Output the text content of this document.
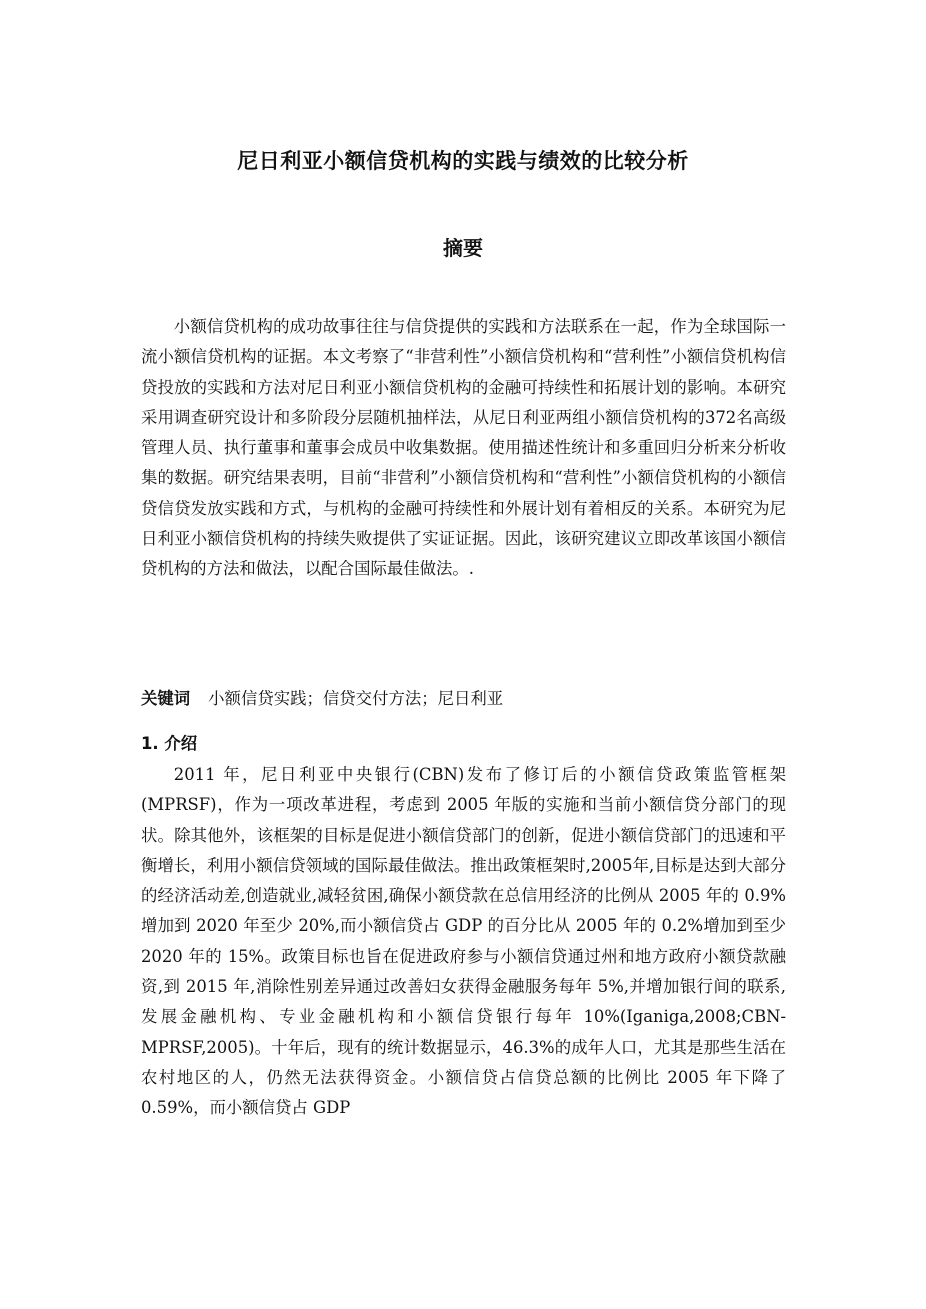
尼日利亚小额信贷机构的实践与绩效的比较分析
摘要

小额信贷机构的成功故事往往与信贷提供的实践和方法联系在一起，作为全球国际一流小额信贷机构的证据。本文考察了“非营利性”小额信贷机构和“营利性”小额信贷机构信贷投放的实践和方法对尼日利亚小额信贷机构的金融可持续性和拓展计划的影响。本研究采用调查研究设计和多阶段分层随机抽样法，从尼日利亚两组小额信贷机构的372名高级管理人员、执行董事和董事会成员中收集数据。使用描述性统计和多重回归分析来分析收集的数据。研究结果表明，目前“非营利”小额信贷机构和“营利性”小额信贷机构的小额信贷信贷发放实践和方式，与机构的金融可持续性和外展计划有着相反的关系。本研究为尼日利亚小额信贷机构的持续失败提供了实证证据。因此，该研究建议立即改革该国小额信贷机构的方法和做法，以配合国际最佳做法。.

关键词 小额信贷实践；信贷交付方法；尼日利亚
1. 介绍

2011 年，尼日利亚中央银行(CBN)发布了修订后的小额信贷政策监管框架(MPRSF)，作为一项改革进程，考虑到 2005 年版的实施和当前小额信贷分部门的现状。除其他外，该框架的目标是促进小额信贷部门的创新，促进小额信贷部门的迅速和平衡增长，利用小额信贷领域的国际最佳做法。推出政策框架时,2005年,目标是达到大部分的经济活动差,创造就业,减轻贫困,确保小额贷款在总信用经济的比例从 2005 年的 0.9%增加到 2020 年至少 20%,而小额信贷占 GDP 的百分比从 2005 年的 0.2%增加到至少 2020 年的 15%。政策目标也旨在促进政府参与小额信贷通过州和地方政府小额贷款融资,到 2015 年,消除性别差异通过改善妇女获得金融服务每年 5%,并增加银行间的联系,发展金融机构、专业金融机构和小额信贷银行每年 10%(Iganiga,2008;CBN-MPRSF,2005)。十年后，现有的统计数据显示，46.3%的成年人口，尤其是那些生活在农村地区的人，仍然无法获得资金。小额信贷占信贷总额的比例比 2005 年下降了 0.59%，而小额信贷占 GDP
